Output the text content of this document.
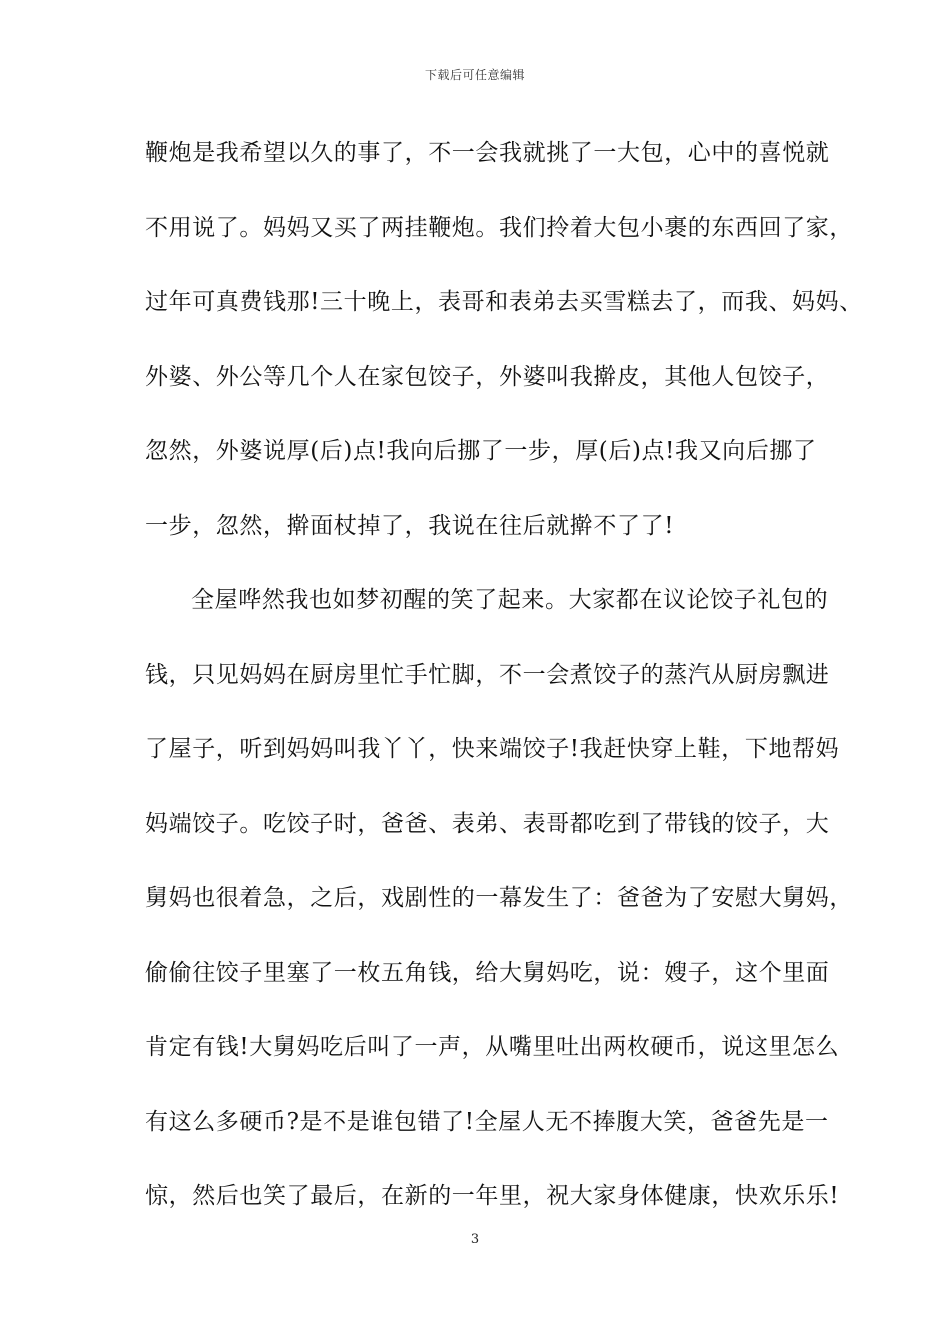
下载后可任意编辑
鞭炮是我希望以久的事了，不一会我就挑了一大包，心中的喜悦就
不用说了。妈妈又买了两挂鞭炮。我们拎着大包小裹的东西回了家，
过年可真费钱那!三十晚上，表哥和表弟去买雪糕去了，而我、妈妈、
外婆、外公等几个人在家包饺子，外婆叫我擀皮，其他人包饺子，
忽然，外婆说厚(后)点!我向后挪了一步，厚(后)点!我又向后挪了
一步，忽然，擀面杖掉了，我说在往后就擀不了了!
全屋哗然我也如梦初醒的笑了起来。大家都在议论饺子礼包的
钱，只见妈妈在厨房里忙手忙脚，不一会煮饺子的蒸汽从厨房飘进
了屋子，听到妈妈叫我丫丫，快来端饺子!我赶快穿上鞋，下地帮妈
妈端饺子。吃饺子时，爸爸、表弟、表哥都吃到了带钱的饺子，大
舅妈也很着急，之后，戏剧性的一幕发生了：爸爸为了安慰大舅妈，
偷偷往饺子里塞了一枚五角钱，给大舅妈吃，说：嫂子，这个里面
肯定有钱!大舅妈吃后叫了一声，从嘴里吐出两枚硬币，说这里怎么
有这么多硬币?是不是谁包错了!全屋人无不捧腹大笑，爸爸先是一
惊，然后也笑了最后，在新的一年里，祝大家身体健康，快欢乐乐!
3
